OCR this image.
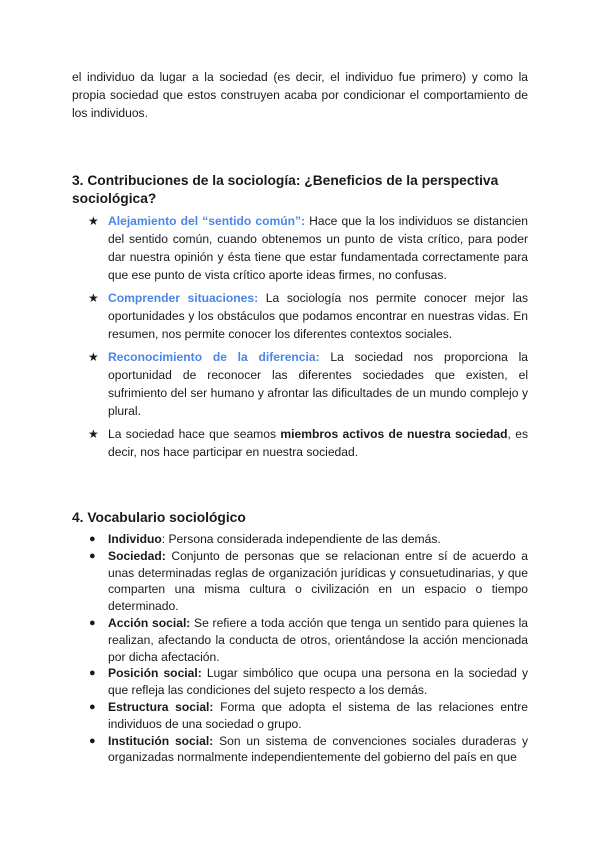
el individuo da lugar a la sociedad (es decir, el individuo fue primero) y como la propia sociedad que estos construyen acaba por condicionar el comportamiento de los individuos.

3. Contribuciones de la sociología: ¿Beneficios de la perspectiva sociológica?
★ Alejamiento del “sentido común”: Hace que la los individuos se distancien del sentido común, cuando obtenemos un punto de vista crítico, para poder dar nuestra opinión y ésta tiene que estar fundamentada correctamente para que ese punto de vista crítico aporte ideas firmes, no confusas.
★ Comprender situaciones: La sociología nos permite conocer mejor las oportunidades y los obstáculos que podamos encontrar en nuestras vidas. En resumen, nos permite conocer los diferentes contextos sociales.
★ Reconocimiento de la diferencia: La sociedad nos proporciona la oportunidad de reconocer las diferentes sociedades que existen, el sufrimiento del ser humano y afrontar las dificultades de un mundo complejo y plural.
★ La sociedad hace que seamos miembros activos de nuestra sociedad, es decir, nos hace participar en nuestra sociedad.
4. Vocabulario sociológico
● Individuo: Persona considerada independiente de las demás.
● Sociedad: Conjunto de personas que se relacionan entre sí de acuerdo a unas determinadas reglas de organización jurídicas y consuetudinarias, y que comparten una misma cultura o civilización en un espacio o tiempo determinado.
● Acción social: Se refiere a toda acción que tenga un sentido para quienes la realizan, afectando la conducta de otros, orientándose la acción mencionada por dicha afectación.
● Posición social: Lugar simbólico que ocupa una persona en la sociedad y que refleja las condiciones del sujeto respecto a los demás.
● Estructura social: Forma que adopta el sistema de las relaciones entre individuos de una sociedad o grupo.
● Institución social: Son un sistema de convenciones sociales duraderas y organizadas normalmente independientemente del gobierno del país en que
